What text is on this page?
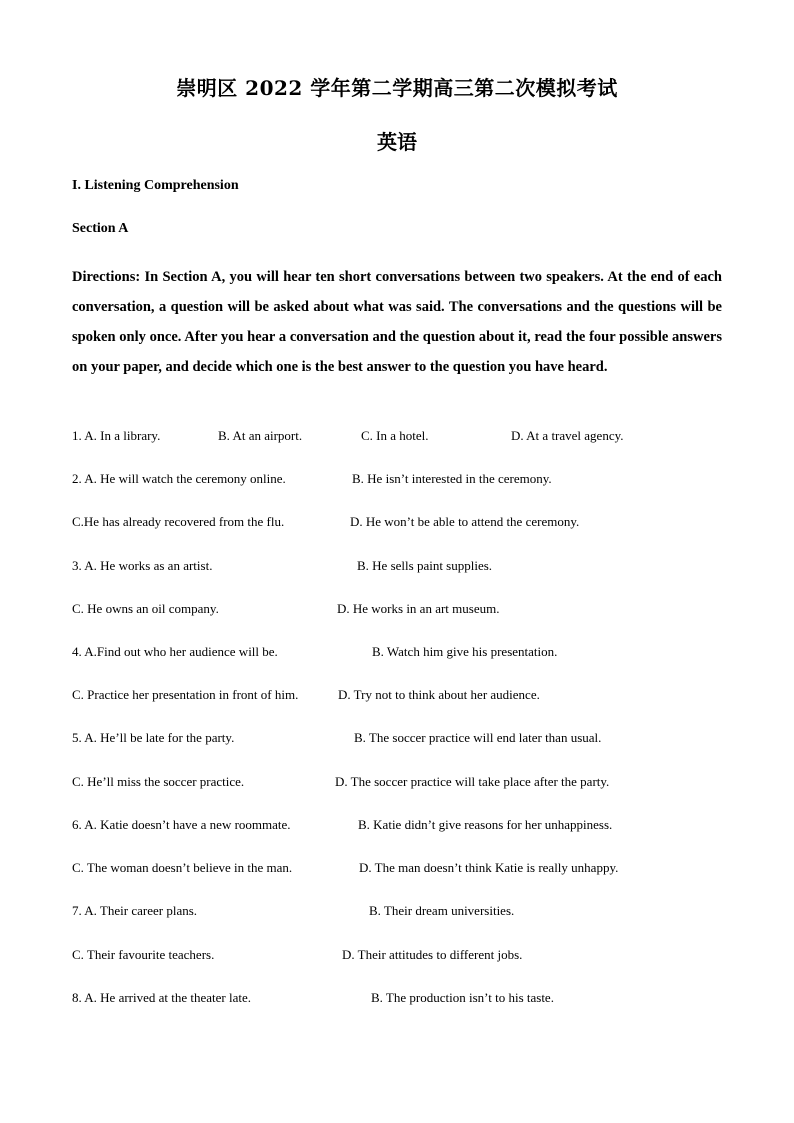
崇明区 2022 学年第二学期高三第二次模拟考试
英语
I. Listening Comprehension
Section A
Directions: In Section A, you will hear ten short conversations between two speakers. At the end of each conversation, a question will be asked about what was said. The conversations and the questions will be spoken only once. After you hear a conversation and the question about it, read the four possible answers on your paper, and decide which one is the best answer to the question you have heard.
1. A. In a library.	B. At an airport.	C. In a hotel.	D. At a travel agency.
2. A. He will watch the ceremony online.	B. He isn’t interested in the ceremony.
C.He has already recovered from the flu.	D. He won’t be able to attend the ceremony.
3. A. He works as an artist.	B. He sells paint supplies.
C. He owns an oil company.	D. He works in an art museum.
4. A.Find out who her audience will be.	B. Watch him give his presentation.
C. Practice her presentation in front of him.	D. Try not to think about her audience.
5. A. He’ll be late for the party.	B. The soccer practice will end later than usual.
C. He’ll miss the soccer practice.	D. The soccer practice will take place after the party.
6. A. Katie doesn’t have a new roommate.	B. Katie didn’t give reasons for her unhappiness.
C. The woman doesn’t believe in the man.	D. The man doesn’t think Katie is really unhappy.
7. A. Their career plans.	B. Their dream universities.
C. Their favourite teachers.	D. Their attitudes to different jobs.
8. A. He arrived at the theater late.	B. The production isn’t to his taste.
